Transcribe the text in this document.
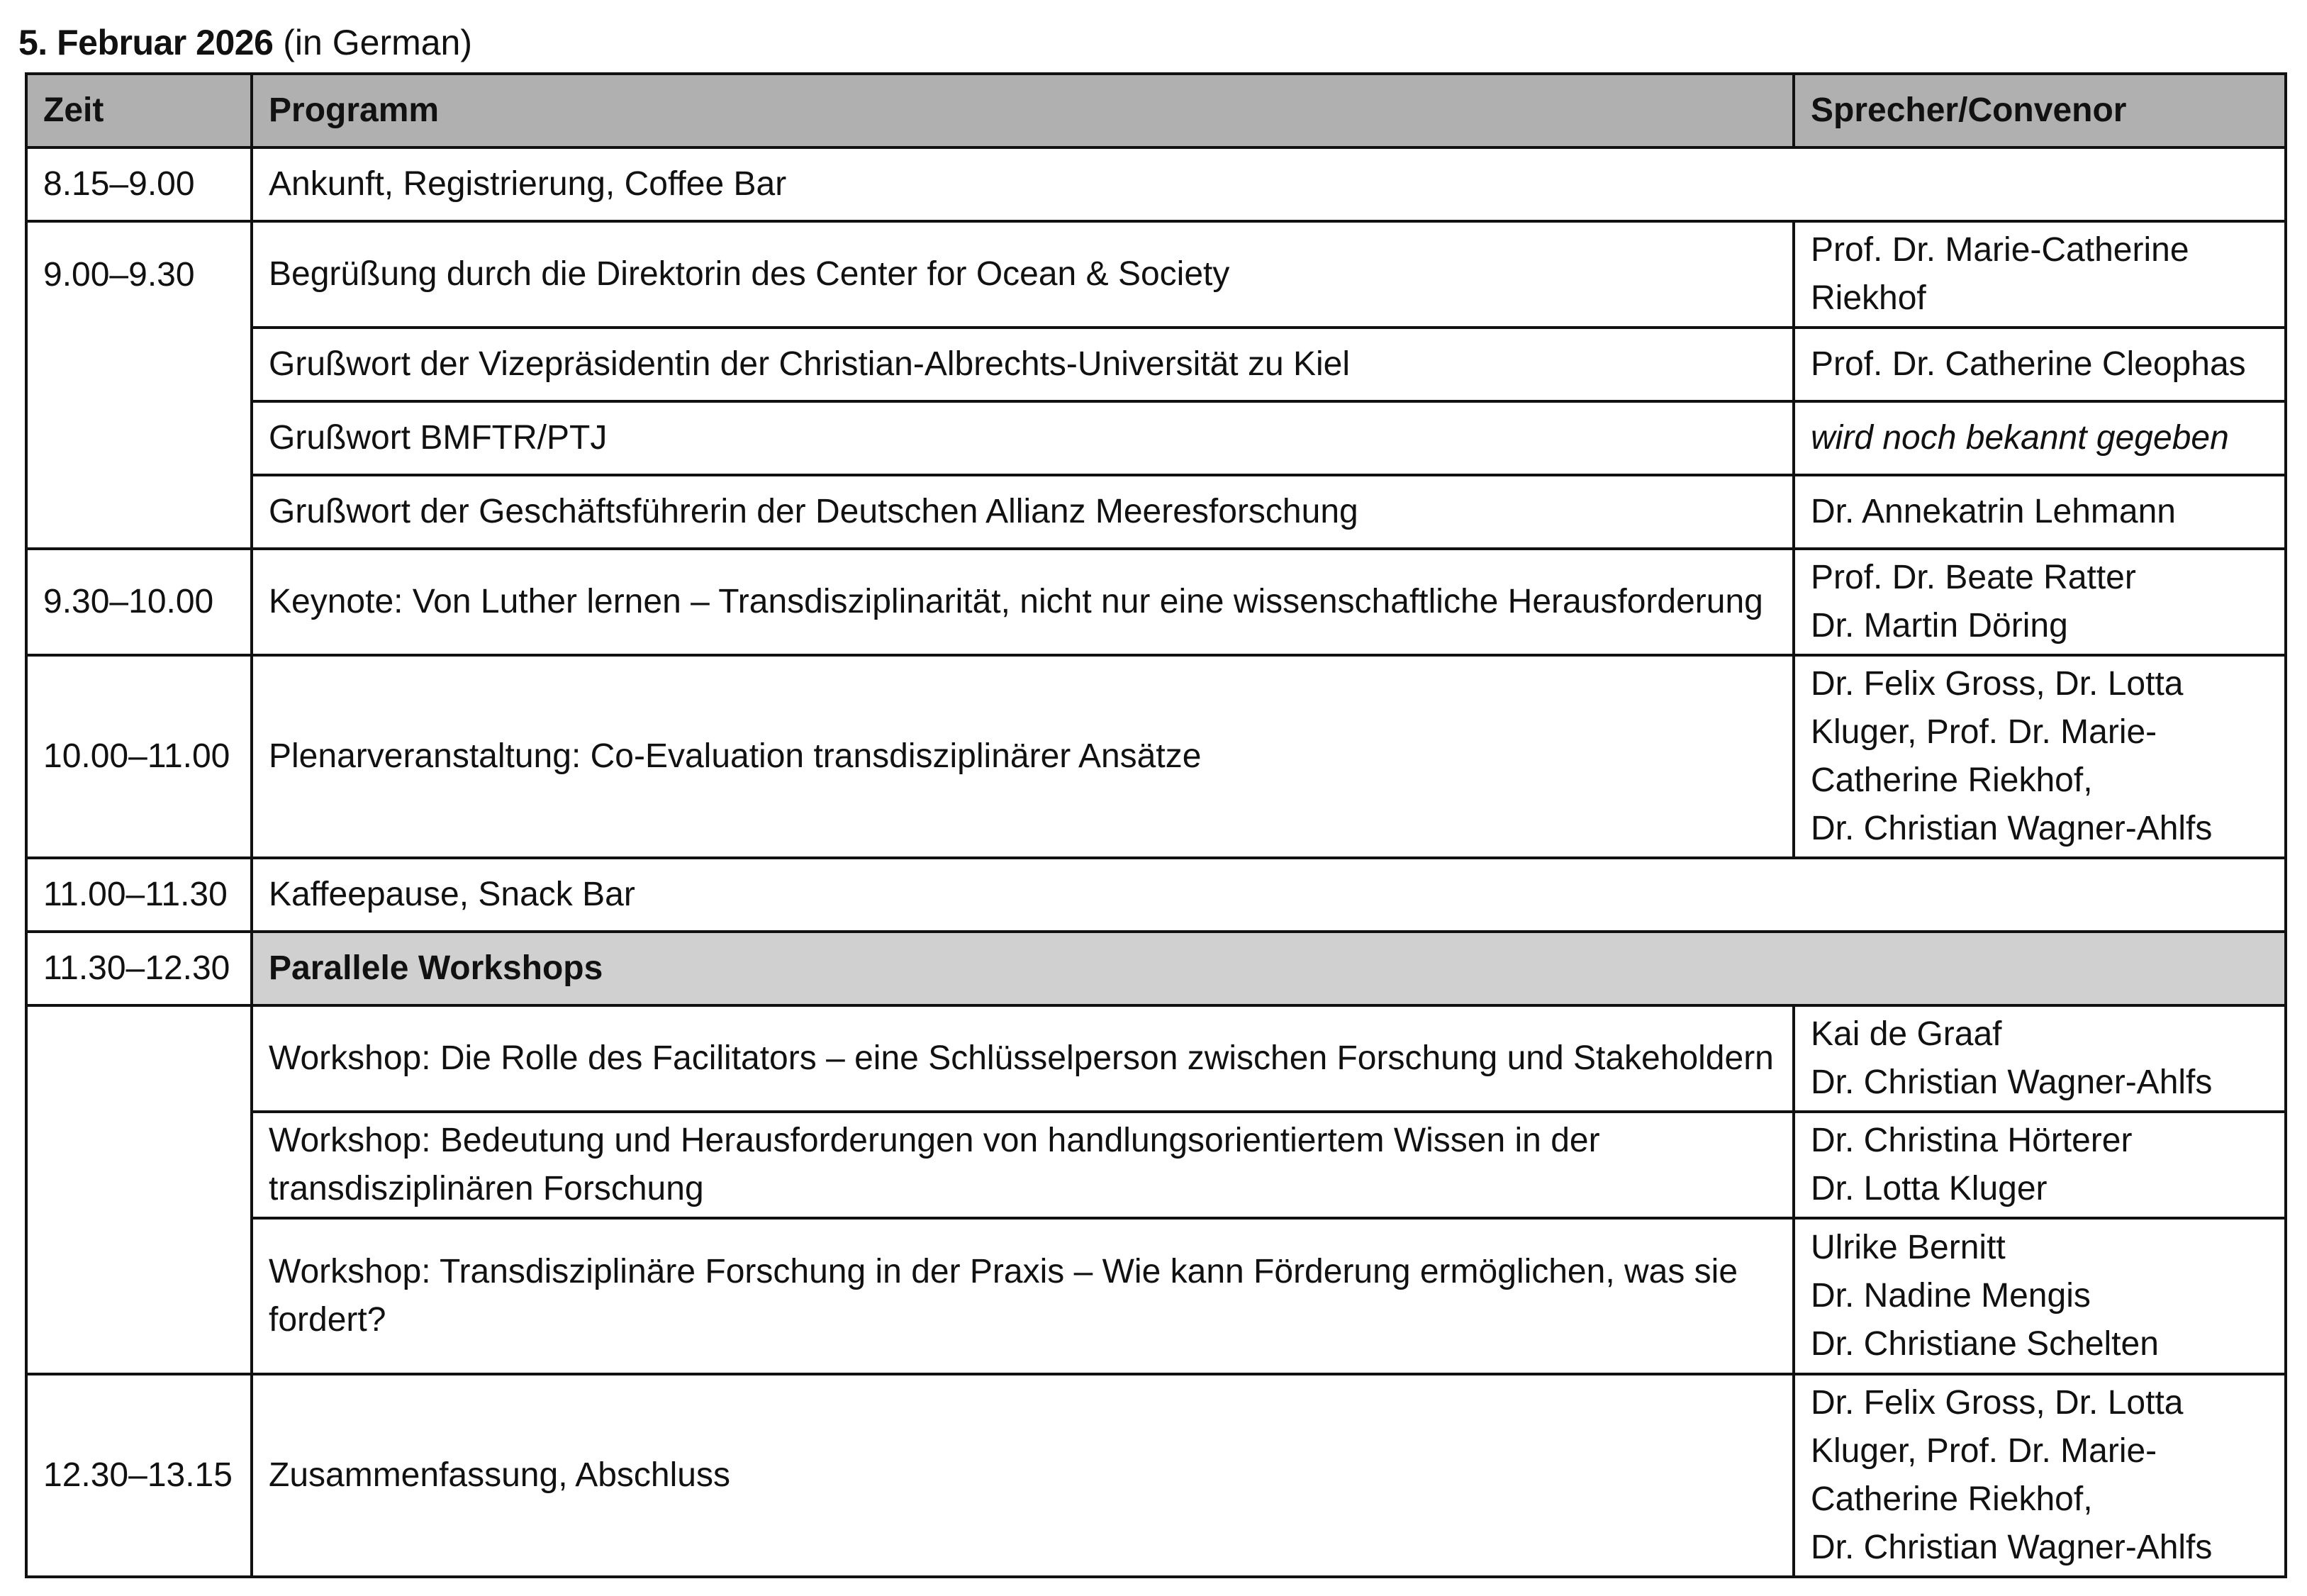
5. Februar 2026 (in German)
Zeit	Programm	Sprecher/Convenor
8.15–9.00	Ankunft, Registrierung, Coffee Bar	
9.00–9.30	Begrüßung durch die Direktorin des Center for Ocean & Society	Prof. Dr. Marie-Catherine
Riekhof

	Grußwort der Vizepräsidentin der Christian-Albrechts-Universität zu Kiel	Prof. Dr. Catherine Cleophas
	Grußwort BMFTR/PTJ	wird noch bekannt gegeben
	Grußwort der Geschäftsführerin der Deutschen Allianz Meeresforschung	Dr. Annekatrin Lehmann
9.30–10.00	Keynote: Von Luther lernen – Transdisziplinarität, nicht nur eine wissenschaftliche Herausforderung	Prof. Dr. Beate Ratter
Dr. Martin Döring

10.00–11.00	Plenarveranstaltung: Co-Evaluation transdisziplinärer Ansätze	Dr. Felix Gross, Dr. Lotta
Kluger, Prof. Dr. Marie-
Catherine Riekhof,
Dr. Christian Wagner-Ahlfs

11.00–11.30	Kaffeepause, Snack Bar	
11.30–12.30	Parallele Workshops	
	Workshop: Die Rolle des Facilitators – eine Schlüsselperson zwischen Forschung und Stakeholdern	Kai de Graaf
Dr. Christian Wagner-Ahlfs

	Workshop: Bedeutung und Herausforderungen von handlungsorientiertem Wissen in der transdisziplinären Forschung	Dr. Christina Hörterer
Dr. Lotta Kluger

	Workshop: Transdisziplinäre Forschung in der Praxis – Wie kann Förderung ermöglichen, was sie fordert?	Ulrike Bernitt
Dr. Nadine Mengis
Dr. Christiane Schelten

12.30–13.15	Zusammenfassung, Abschluss	Dr. Felix Gross, Dr. Lotta
Kluger, Prof. Dr. Marie-
Catherine Riekhof,
Dr. Christian Wagner-Ahlfs
